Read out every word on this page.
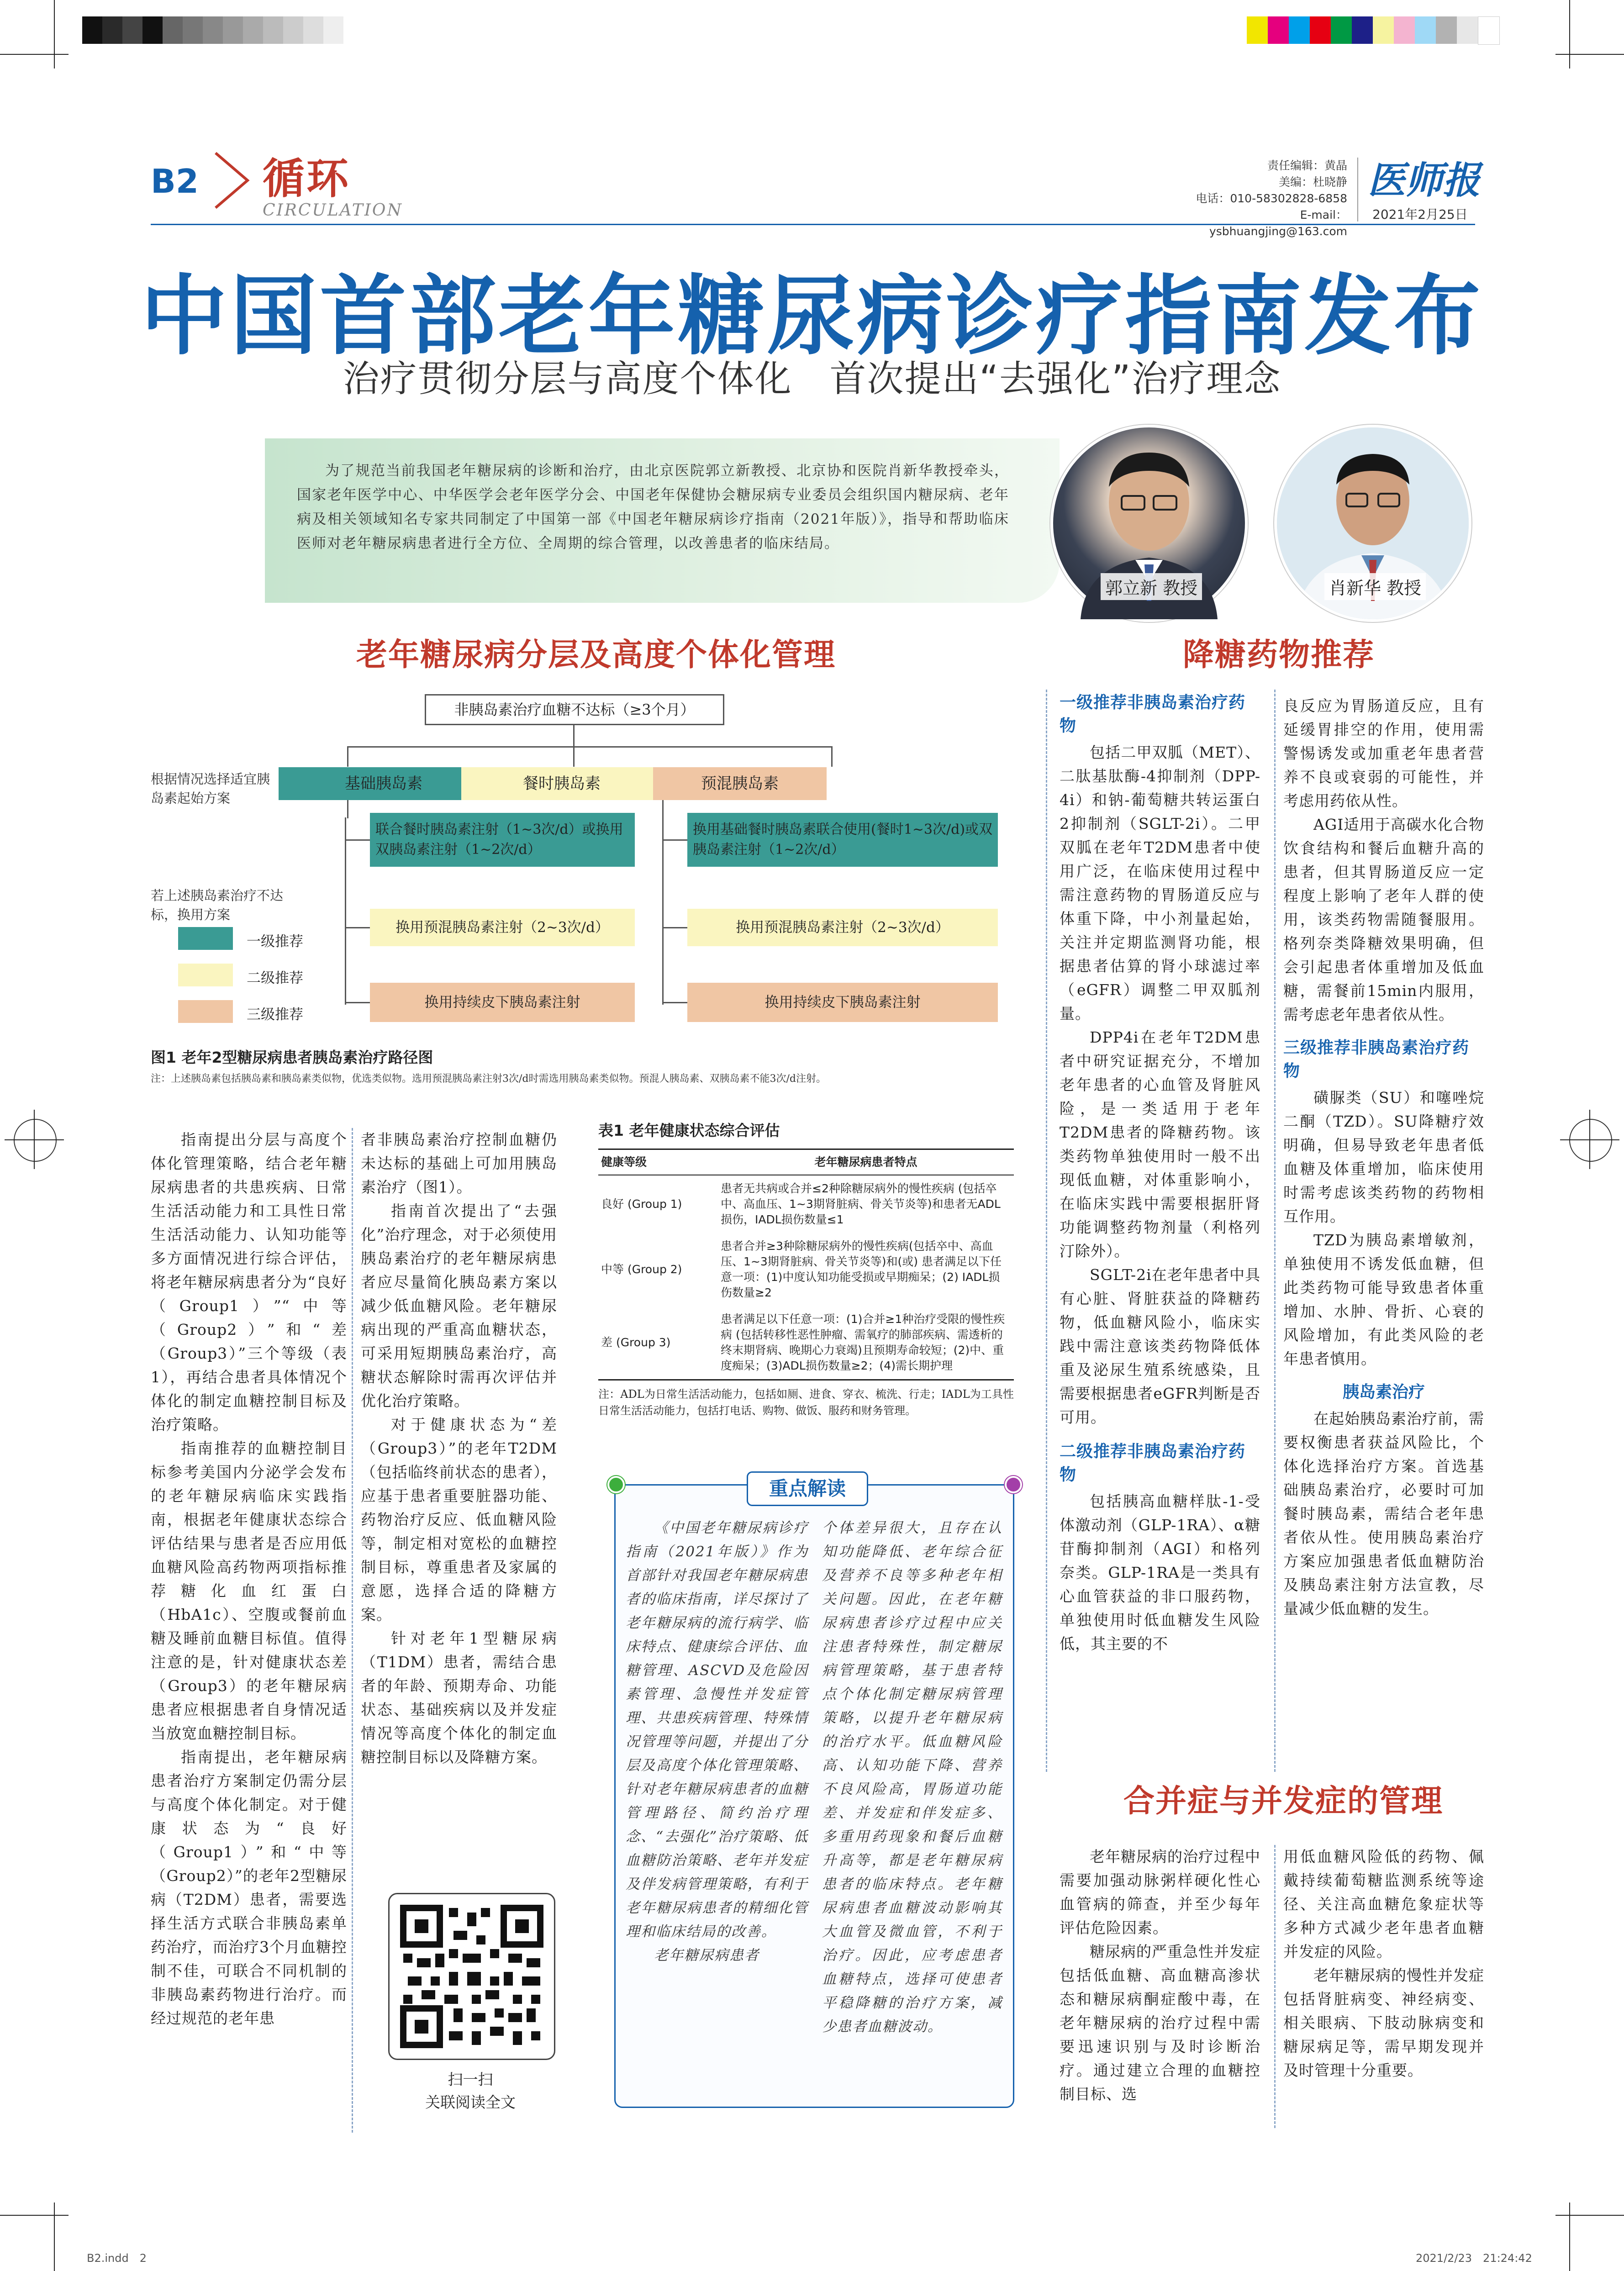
B2 循环
CIRCULATION
责任编辑：黄晶
美编：杜晓静
电话：010-58302828-6858
E-mail：ysbhuangjing@163.com
医师报
2021年2月25日
中国首部老年糖尿病诊疗指南发布
治疗贯彻分层与高度个体化　首次提出“去强化”治疗理念
为了规范当前我国老年糖尿病的诊断和治疗，由北京医院郭立新教授、北京协和医院肖新华教授牵头，国家老年医学中心、中华医学会老年医学分会、中国老年保健协会糖尿病专业委员会组织国内糖尿病、老年病及相关领域知名专家共同制定了中国第一部《中国老年糖尿病诊疗指南（2021年版）》，指导和帮助临床医师对老年糖尿病患者进行全方位、全周期的综合管理，以改善患者的临床结局。
郭立新 教授	肖新华 教授
老年糖尿病分层及高度个体化管理	降糖药物推荐
非胰岛素治疗血糖不达标（≥3个月）
根据情况选择适宜胰岛素起始方案
基础胰岛素	餐时胰岛素	预混胰岛素
联合餐时胰岛素注射（1~3次/d）或换用双胰岛素注射（1~2次/d）
换用预混胰岛素注射（2~3次/d）
换用持续皮下胰岛素注射
换用基础餐时胰岛素联合使用(餐时1~3次/d)或双胰岛素注射（1~2次/d）
换用预混胰岛素注射（2~3次/d）
换用持续皮下胰岛素注射
若上述胰岛素治疗不达标，换用方案
一级推荐
二级推荐
三级推荐
图1 老年2型糖尿病患者胰岛素治疗路径图
注：上述胰岛素包括胰岛素和胰岛素类似物，优选类似物。选用预混胰岛素注射3次/d时需选用胰岛素类似物。预混人胰岛素、双胰岛素不能3次/d注射。

指南提出分层与高度个体化管理策略，结合老年糖尿病患者的共患疾病、日常生活活动能力和工具性日常生活活动能力、认知功能等多方面情况进行综合评估，将老年糖尿病患者分为“良好（Group1）”“中等（Group2）”和“差（Group3）”三个等级（表1），再结合患者具体情况个体化的制定血糖控制目标及治疗策略。

指南推荐的血糖控制目标参考美国内分泌学会发布的老年糖尿病临床实践指南，根据老年健康状态综合评估结果与患者是否应用低血糖风险高药物两项指标推荐糖化血红蛋白（HbA1c）、空腹或餐前血糖及睡前血糖目标值。值得注意的是，针对健康状态差（Group3）的老年糖尿病患者应根据患者自身情况适当放宽血糖控制目标。

指南提出，老年糖尿病患者治疗方案制定仍需分层与高度个体化制定。对于健康状态为“良好（Group1）”和“中等（Group2）”的老年2型糖尿病（T2DM）患者，需要选择生活方式联合非胰岛素单药治疗，而治疗3个月血糖控制不佳，可联合不同机制的非胰岛素药物进行治疗。而经过规范的老年患

者非胰岛素治疗控制血糖仍未达标的基础上可加用胰岛素治疗（图1）。

指南首次提出了“去强化”治疗理念，对于必须使用胰岛素治疗的老年糖尿病患者应尽量简化胰岛素方案以减少低血糖风险。老年糖尿病出现的严重高血糖状态，可采用短期胰岛素治疗，高糖状态解除时需再次评估并优化治疗策略。

对于健康状态为“差（Group3）”的老年T2DM（包括临终前状态的患者），应基于患者重要脏器功能、药物治疗反应、低血糖风险等，制定相对宽松的血糖控制目标，尊重患者及家属的意愿，选择合适的降糖方案。

针对老年1型糖尿病（T1DM）患者，需结合患者的年龄、预期寿命、功能状态、基础疾病以及并发症情况等高度个体化的制定血糖控制目标以及降糖方案。

表1 老年健康状态综合评估
健康等级	老年糖尿病患者特点
良好 (Group 1)	患者无共病或合并≤2种除糖尿病外的慢性疾病 (包括卒中、高血压、1~3期肾脏病、骨关节炎等)和患者无ADL损伤，IADL损伤数量≤1
中等 (Group 2)	患者合并≥3种除糖尿病外的慢性疾病(包括卒中、高血压、1~3期肾脏病、骨关节炎等)和(或) 患者满足以下任意一项：(1)中度认知功能受损或早期痴呆；(2) IADL损伤数量≥2
差 (Group 3)	患者满足以下任意一项：(1)合并≥1种治疗受限的慢性疾病 (包括转移性恶性肿瘤、需氧疗的肺部疾病、需透析的终末期肾病、晚期心力衰竭)且预期寿命较短；(2)中、重度痴呆；(3)ADL损伤数量≥2；(4)需长期护理
注：ADL为日常生活活动能力，包括如厕、进食、穿衣、梳洗、行走；IADL为工具性日常生活活动能力，包括打电话、购物、做饭、服药和财务管理。
重点解读

《中国老年糖尿病诊疗指南（2021年版）》作为首部针对我国老年糖尿病患者的临床指南，详尽探讨了老年糖尿病的流行病学、临床特点、健康综合评估、血糖管理、ASCVD及危险因素管理、急慢性并发症管理、共患疾病管理、特殊情况管理等问题，并提出了分层及高度个体化管理策略、针对老年糖尿病患者的血糖管理路径、简约治疗理念、“去强化”治疗策略、低血糖防治策略、老年并发症及伴发病管理策略，有利于老年糖尿病患者的精细化管理和临床结局的改善。

老年糖尿病患者

个体差异很大，且存在认知功能降低、老年综合征及营养不良等多种老年相关问题。因此，在老年糖尿病患者诊疗过程中应关注患者特殊性，制定糖尿病管理策略，基于患者特点个体化制定糖尿病管理策略，以提升老年糖尿病的治疗水平。低血糖风险高、认知功能下降、营养不良风险高，胃肠道功能差、并发症和伴发症多、多重用药现象和餐后血糖升高等，都是老年糖尿病患者的临床特点。老年糖尿病患者血糖波动影响其大血管及微血管，不利于治疗。因此，应考虑患者血糖特点，选择可使患者平稳降糖的治疗方案，减少患者血糖波动。
扫一扫
关联阅读全文
一级推荐非胰岛素治疗药物

包括二甲双胍（MET）、二肽基肽酶-4抑制剂（DPP-4i）和钠-葡萄糖共转运蛋白2抑制剂（SGLT-2i）。二甲双胍在老年T2DM患者中使用广泛，在临床使用过程中需注意药物的胃肠道反应与体重下降，中小剂量起始，关注并定期监测肾功能，根据患者估算的肾小球滤过率（eGFR）调整二甲双胍剂量。

DPP4i在老年T2DM患者中研究证据充分，不增加老年患者的心血管及肾脏风险，是一类适用于老年T2DM患者的降糖药物。该类药物单独使用时一般不出现低血糖，对体重影响小，在临床实践中需要根据肝肾功能调整药物剂量（利格列汀除外）。

SGLT-2i在老年患者中具有心脏、肾脏获益的降糖药物，低血糖风险小，临床实践中需注意该类药物降低体重及泌尿生殖系统感染，且需要根据患者eGFR判断是否可用。

二级推荐非胰岛素治疗药物

包括胰高血糖样肽-1-受体激动剂（GLP-1RA）、α糖苷酶抑制剂（AGI）和格列奈类。GLP-1RA是一类具有心血管获益的非口服药物，单独使用时低血糖发生风险低，其主要的不

良反应为胃肠道反应，且有延缓胃排空的作用，使用需警惕诱发或加重老年患者营养不良或衰弱的可能性，并考虑用药依从性。

AGI适用于高碳水化合物饮食结构和餐后血糖升高的患者，但其胃肠道反应一定程度上影响了老年人群的使用，该类药物需随餐服用。格列奈类降糖效果明确，但会引起患者体重增加及低血糖，需餐前15min内服用，需考虑老年患者依从性。

三级推荐非胰岛素治疗药物

磺脲类（SU）和噻唑烷二酮（TZD）。SU降糖疗效明确，但易导致老年患者低血糖及体重增加，临床使用时需考虑该类药物的药物相互作用。

TZD为胰岛素增敏剂，单独使用不诱发低血糖，但此类药物可能导致患者体重增加、水肿、骨折、心衰的风险增加，有此类风险的老年患者慎用。

胰岛素治疗

在起始胰岛素治疗前，需要权衡患者获益风险比，个体化选择治疗方案。首选基础胰岛素治疗，必要时可加餐时胰岛素，需结合老年患者依从性。使用胰岛素治疗方案应加强患者低血糖防治及胰岛素注射方法宣教，尽量减少低血糖的发生。

合并症与并发症的管理

老年糖尿病的治疗过程中需要加强动脉粥样硬化性心血管病的筛查，并至少每年评估危险因素。

糖尿病的严重急性并发症包括低血糖、高血糖高渗状态和糖尿病酮症酸中毒，在老年糖尿病的治疗过程中需要迅速识别与及时诊断治疗。通过建立合理的血糖控制目标、选

用低血糖风险低的药物、佩戴持续葡萄糖监测系统等途径、关注高血糖危象症状等多种方式减少老年患者血糖并发症的风险。

老年糖尿病的慢性并发症包括肾脏病变、神经病变、相关眼病、下肢动脉病变和糖尿病足等，需早期发现并及时管理十分重要。

B2.indd　2	2021/2/23　21:24:42
